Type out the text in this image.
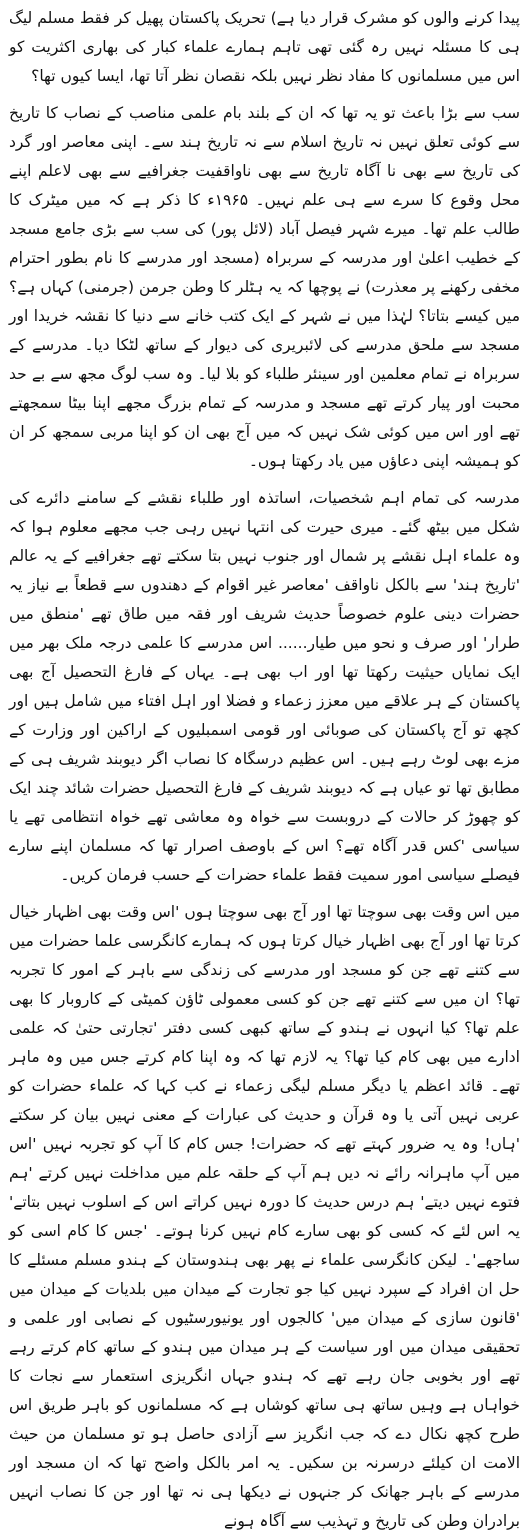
پیدا کرنے والوں کو مشرک قرار دیا ہے) تحریک پاکستان پھیل کر فقط مسلم لیگ ہی کا مسئلہ نہیں رہ گئی تھی تاہم ہمارے علماء کبار کی بھاری اکثریت کو اس میں مسلمانوں کا مفاد نظر نہیں بلکہ نقصان نظر آتا تھا، ایسا کیوں تھا؟

سب سے بڑا باعث تو یہ تھا کہ ان کے بلند بام علمی مناصب کے نصاب کا تاریخ سے کوئی تعلق نہیں نہ تاریخ اسلام سے نہ تاریخ ہند سے۔ اپنی معاصر اور گرد کی تاریخ سے بھی نا آگاہ تاریخ سے بھی ناواقفیت جغرافیے سے بھی لاعلم اپنے محل وقوع کا سرے سے ہی علم نہیں۔ ۱۹۶۵ء کا ذکر ہے کہ میں میٹرک کا طالب علم تھا۔ میرے شہر فیصل آباد (لائل پور) کی سب سے بڑی جامع مسجد کے خطیب اعلیٰ اور مدرسہ کے سربراہ (مسجد اور مدرسے کا نام بطور احترام مخفی رکھنے پر معذرت) نے پوچھا کہ یہ ہٹلر کا وطن جرمن (جرمنی) کہاں ہے؟ میں کیسے بتاتا؟ لہٰذا میں نے شہر کے ایک کتب خانے سے دنیا کا نقشہ خریدا اور مسجد سے ملحق مدرسے کی لائبریری کی دیوار کے ساتھ لٹکا دیا۔ مدرسے کے سربراہ نے تمام معلمین اور سینئر طلباء کو بلا لیا۔ وہ سب لوگ مجھ سے بے حد محبت اور پیار کرتے تھے مسجد و مدرسہ کے تمام بزرگ مجھے اپنا بیٹا سمجھتے تھے اور اس میں کوئی شک نہیں کہ میں آج بھی ان کو اپنا مربی سمجھ کر ان کو ہمیشہ اپنی دعاؤں میں یاد رکھتا ہوں۔

مدرسہ کی تمام اہم شخصیات، اساتذہ اور طلباء نقشے کے سامنے دائرے کی شکل میں بیٹھ گئے۔ میری حیرت کی انتہا نہیں رہی جب مجھے معلوم ہوا کہ وہ علماء اہل نقشے پر شمال اور جنوب نہیں بتا سکتے تھے جغرافیے کے یہ عالم 'تاریخ ہند' سے بالکل ناواقف 'معاصر غیر اقوام کے دھندوں سے قطعاً بے نیاز یہ حضرات دینی علوم خصوصاً حدیث شریف اور فقہ میں طاق تھے 'منطق میں طرار' اور صرف و نحو میں طیار...... اس مدرسے کا علمی درجہ ملک بھر میں ایک نمایاں حیثیت رکھتا تھا اور اب بھی ہے۔ یہاں کے فارغ التحصیل آج بھی پاکستان کے ہر علاقے میں معزز زعماء و فضلا اور اہل افتاء میں شامل ہیں اور کچھ تو آج پاکستان کی صوبائی اور قومی اسمبلیوں کے اراکین اور وزارت کے مزے بھی لوٹ رہے ہیں۔ اس عظیم درسگاہ کا نصاب اگر دیوبند شریف ہی کے مطابق تھا تو عیاں ہے کہ دیوبند شریف کے فارغ التحصیل حضرات شائد چند ایک کو چھوڑ کر حالات کے دروبست سے خواہ وہ معاشی تھے خواہ انتظامی تھے یا سیاسی 'کس قدر آگاہ تھے؟ اس کے باوصف اصرار تھا کہ مسلمان اپنے سارے فیصلے سیاسی امور سمیت فقط علماء حضرات کے حسب فرمان کریں۔

میں اس وقت بھی سوچتا تھا اور آج بھی سوچتا ہوں 'اس وقت بھی اظہار خیال کرتا تھا اور آج بھی اظہار خیال کرتا ہوں کہ ہمارے کانگرسی علما حضرات میں سے کتنے تھے جن کو مسجد اور مدرسے کی زندگی سے باہر کے امور کا تجربہ تھا؟ ان میں سے کتنے تھے جن کو کسی معمولی ٹاؤن کمیٹی کے کاروبار کا بھی علم تھا؟ کیا انہوں نے ہندو کے ساتھ کبھی کسی دفتر 'تجارتی حتیٰ کہ علمی ادارے میں بھی کام کیا تھا؟ یہ لازم تھا کہ وہ اپنا کام کرتے جس میں وہ ماہر تھے۔ قائد اعظم یا دیگر مسلم لیگی زعماء نے کب کہا کہ علماء حضرات کو عربی نہیں آتی یا وہ قرآن و حدیث کی عبارات کے معنی نہیں بیان کر سکتے 'ہاں! وہ یہ ضرور کہتے تھے کہ حضرات! جس کام کا آپ کو تجربہ نہیں 'اس میں آپ ماہرانہ رائے نہ دیں ہم آپ کے حلقہ علم میں مداخلت نہیں کرتے 'ہم فتوے نہیں دیتے' ہم درس حدیث کا دورہ نہیں کراتے اس کے اسلوب نہیں بتاتے' یہ اس لئے کہ کسی کو بھی سارے کام نہیں کرنا ہوتے۔ 'جس کا کام اسی کو ساجھے'۔ لیکن کانگرسی علماء نے پھر بھی ہندوستان کے ہندو مسلم مسئلے کا حل ان افراد کے سپرد نہیں کیا جو تجارت کے میدان میں بلدیات کے میدان میں 'قانون سازی کے میدان میں' کالجوں اور یونیورسٹیوں کے نصابی اور علمی و تحقیقی میدان میں اور سیاست کے ہر میدان میں ہندو کے ساتھ کام کرتے رہے تھے اور بخوبی جان رہے تھے کہ ہندو جہاں انگریزی استعمار سے نجات کا خواہاں ہے وہیں ساتھ ہی ساتھ کوشاں ہے کہ مسلمانوں کو باہر طریق اس طرح کچھ نکال دے کہ جب انگریز سے آزادی حاصل ہو تو مسلمان من حیث الامت ان کیلئے درسرنہ بن سکیں۔ یہ امر بالکل واضح تھا کہ ان مسجد اور مدرسے کے باہر جھانک کر جنہوں نے دیکھا ہی نہ تھا اور جن کا نصاب انہیں برادران وطن کی تاریخ و تہذیب سے آگاہ ہونے
